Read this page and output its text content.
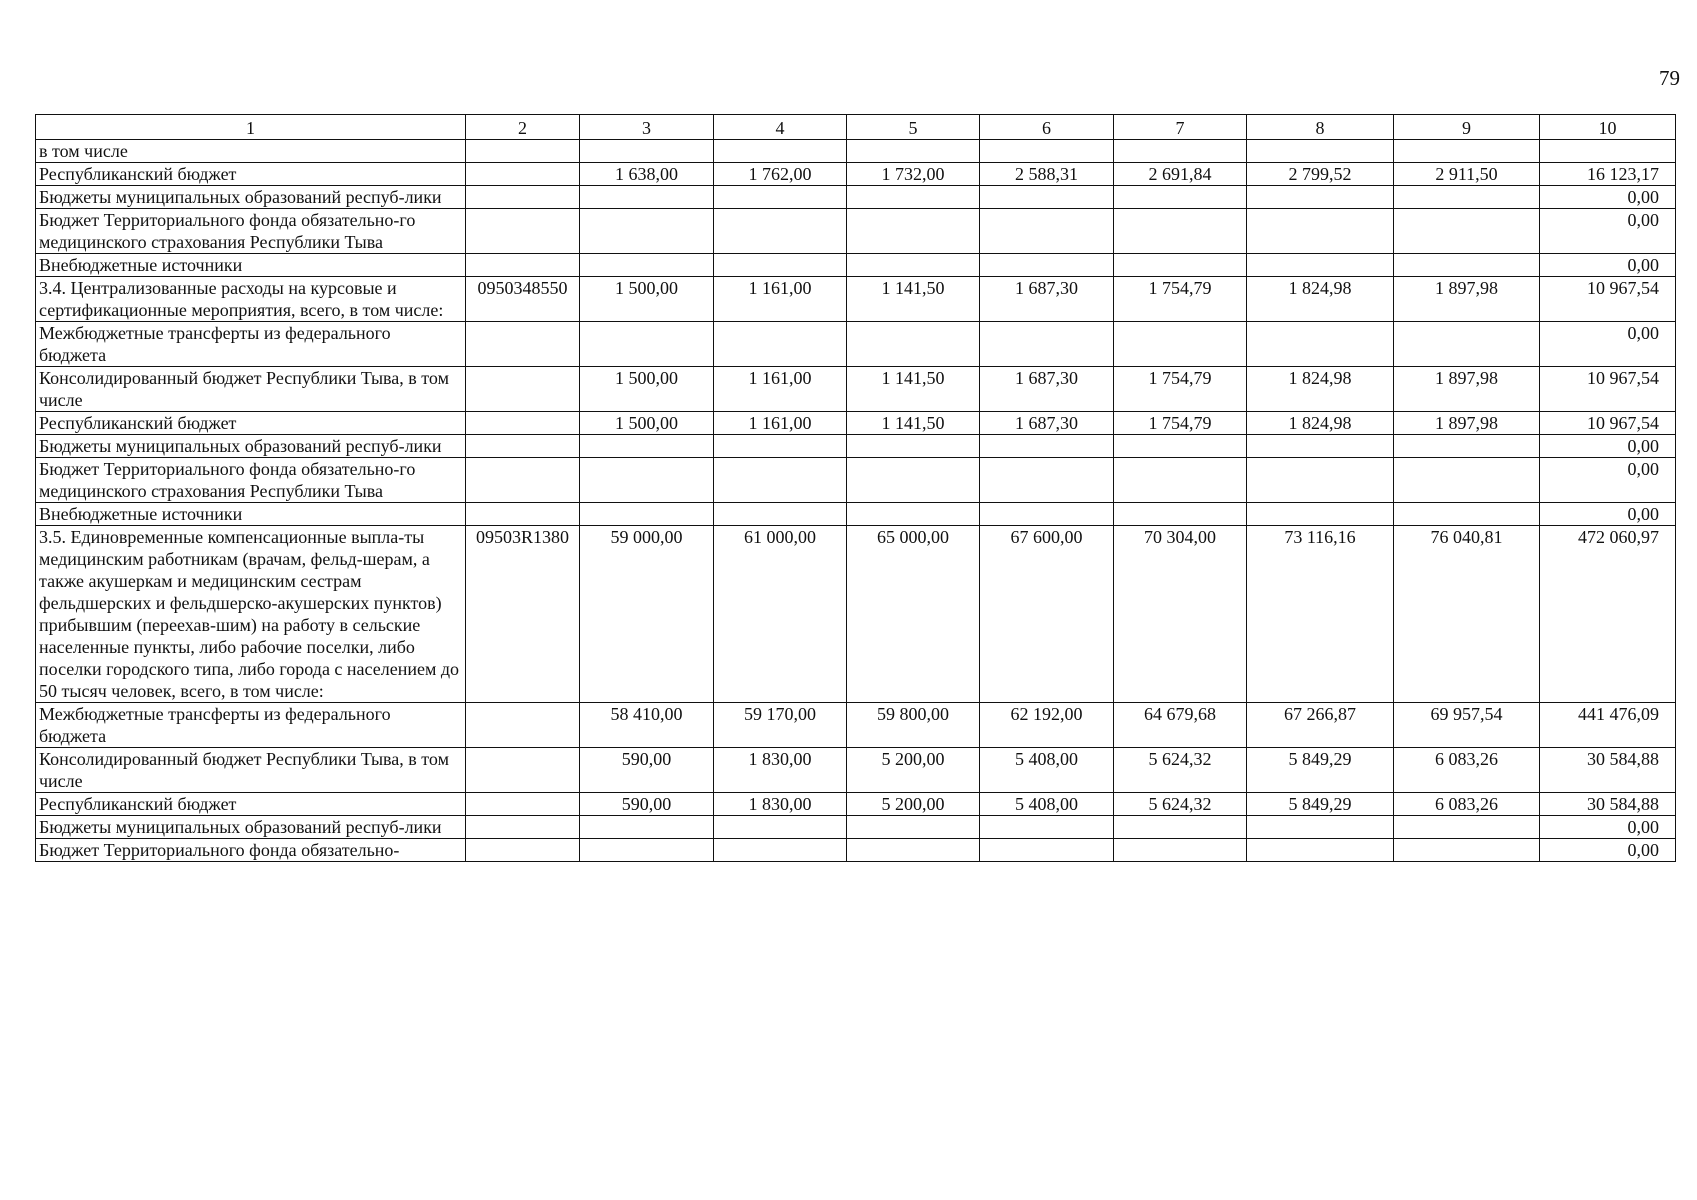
79
1	2	3	4	5	6	7	8	9	10
в том числе									
Республиканский бюджет		1 638,00	1 762,00	1 732,00	2 588,31	2 691,84	2 799,52	2 911,50	16 123,17
Бюджеты муниципальных образований респуб-лики									0,00
Бюджет Территориального фонда обязательно-го медицинского страхования Республики Тыва									0,00
Внебюджетные источники									0,00
3.4. Централизованные расходы на курсовые и сертификационные мероприятия, всего, в том числе:	0950348550	1 500,00	1 161,00	1 141,50	1 687,30	1 754,79	1 824,98	1 897,98	10 967,54
Межбюджетные трансферты из федерального бюджета									0,00
Консолидированный бюджет Республики Тыва, в том числе		1 500,00	1 161,00	1 141,50	1 687,30	1 754,79	1 824,98	1 897,98	10 967,54
Республиканский бюджет		1 500,00	1 161,00	1 141,50	1 687,30	1 754,79	1 824,98	1 897,98	10 967,54
Бюджеты муниципальных образований респуб-лики									0,00
Бюджет Территориального фонда обязательно-го медицинского страхования Республики Тыва									0,00
Внебюджетные источники									0,00
3.5. Единовременные компенсационные выпла-ты медицинским работникам (врачам, фельд-шерам, а также акушеркам и медицинским сестрам фельдшерских и фельдшерско-акушерских пунктов) прибывшим (переехав-шим) на работу в сельские населенные пункты, либо рабочие поселки, либо поселки городского типа, либо города с населением до 50 тысяч человек, всего, в том числе:	09503R1380	59 000,00	61 000,00	65 000,00	67 600,00	70 304,00	73 116,16	76 040,81	472 060,97
Межбюджетные трансферты из федерального бюджета		58 410,00	59 170,00	59 800,00	62 192,00	64 679,68	67 266,87	69 957,54	441 476,09
Консолидированный бюджет Республики Тыва, в том числе		590,00	1 830,00	5 200,00	5 408,00	5 624,32	5 849,29	6 083,26	30 584,88
Республиканский бюджет		590,00	1 830,00	5 200,00	5 408,00	5 624,32	5 849,29	6 083,26	30 584,88
Бюджеты муниципальных образований респуб-лики									0,00
Бюджет Территориального фонда обязательно-									0,00
